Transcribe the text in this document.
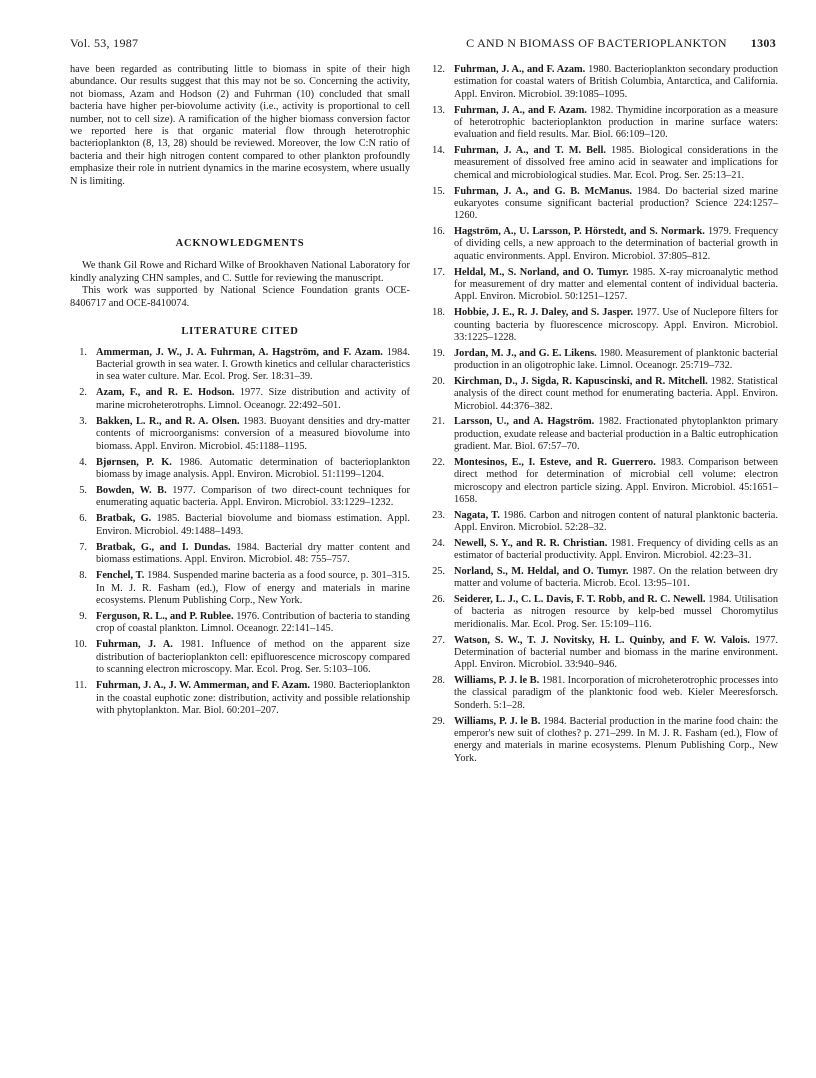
Vol. 53, 1987	C AND N BIOMASS OF BACTERIOPLANKTON 1303

have been regarded as contributing little to biomass in spite of their high abundance. Our results suggest that this may not be so. Concerning the activity, not biomass, Azam and Hodson (2) and Fuhrman (10) concluded that small bacteria have higher per-biovolume activity (i.e., activity is proportional to cell number, not to cell size). A ramification of the higher biomass conversion factor we reported here is that organic material flow through heterotrophic bacterioplankton (8, 13, 28) should be reviewed. Moreover, the low C:N ratio of bacteria and their high nitrogen content compared to other plankton profoundly emphasize their role in nutrient dynamics in the marine ecosystem, where usually N is limiting.

ACKNOWLEDGMENTS

We thank Gil Rowe and Richard Wilke of Brookhaven National Laboratory for kindly analyzing CHN samples, and C. Suttle for reviewing the manuscript.

This work was supported by National Science Foundation grants OCE-8406717 and OCE-8410074.

LITERATURE CITED
1. Ammerman, J. W., J. A. Fuhrman, A. Hagström, and F. Azam. 1984. Bacterial growth in sea water. I. Growth kinetics and cellular characteristics in sea water culture. Mar. Ecol. Prog. Ser. 18:31–39.
2. Azam, F., and R. E. Hodson. 1977. Size distribution and activity of marine microheterotrophs. Limnol. Oceanogr. 22:492–501.
3. Bakken, L. R., and R. A. Olsen. 1983. Buoyant densities and dry-matter contents of microorganisms: conversion of a measured biovolume into biomass. Appl. Environ. Microbiol. 45:1188–1195.
4. Bjørnsen, P. K. 1986. Automatic determination of bacterioplankton biomass by image analysis. Appl. Environ. Microbiol. 51:1199–1204.
5. Bowden, W. B. 1977. Comparison of two direct-count techniques for enumerating aquatic bacteria. Appl. Environ. Microbiol. 33:1229–1232.
6. Bratbak, G. 1985. Bacterial biovolume and biomass estimation. Appl. Environ. Microbiol. 49:1488–1493.
7. Bratbak, G., and I. Dundas. 1984. Bacterial dry matter content and biomass estimations. Appl. Environ. Microbiol. 48: 755–757.
8. Fenchel, T. 1984. Suspended marine bacteria as a food source, p. 301–315. In M. J. R. Fasham (ed.), Flow of energy and materials in marine ecosystems. Plenum Publishing Corp., New York.
9. Ferguson, R. L., and P. Rublee. 1976. Contribution of bacteria to standing crop of coastal plankton. Limnol. Oceanogr. 22:141–145.
10. Fuhrman, J. A. 1981. Influence of method on the apparent size distribution of bacterioplankton cell: epifluorescence microscopy compared to scanning electron microscopy. Mar. Ecol. Prog. Ser. 5:103–106.
11. Fuhrman, J. A., J. W. Ammerman, and F. Azam. 1980. Bacterioplankton in the coastal euphotic zone: distribution, activity and possible relationship with phytoplankton. Mar. Biol. 60:201–207.
12. Fuhrman, J. A., and F. Azam. 1980. Bacterioplankton secondary production estimation for coastal waters of British Columbia, Antarctica, and California. Appl. Environ. Microbiol. 39:1085–1095.
13. Fuhrman, J. A., and F. Azam. 1982. Thymidine incorporation as a measure of heterotrophic bacterioplankton production in marine surface waters: evaluation and field results. Mar. Biol. 66:109–120.
14. Fuhrman, J. A., and T. M. Bell. 1985. Biological considerations in the measurement of dissolved free amino acid in seawater and implications for chemical and microbiological studies. Mar. Ecol. Prog. Ser. 25:13–21.
15. Fuhrman, J. A., and G. B. McManus. 1984. Do bacterial sized marine eukaryotes consume significant bacterial production? Science 224:1257–1260.
16. Hagström, A., U. Larsson, P. Hörstedt, and S. Normark. 1979. Frequency of dividing cells, a new approach to the determination of bacterial growth in aquatic environments. Appl. Environ. Microbiol. 37:805–812.
17. Heldal, M., S. Norland, and O. Tumyr. 1985. X-ray microanalytic method for measurement of dry matter and elemental content of individual bacteria. Appl. Environ. Microbiol. 50:1251–1257.
18. Hobbie, J. E., R. J. Daley, and S. Jasper. 1977. Use of Nuclepore filters for counting bacteria by fluorescence microscopy. Appl. Environ. Microbiol. 33:1225–1228.
19. Jordan, M. J., and G. E. Likens. 1980. Measurement of planktonic bacterial production in an oligotrophic lake. Limnol. Oceanogr. 25:719–732.
20. Kirchman, D., J. Sigda, R. Kapuscinski, and R. Mitchell. 1982. Statistical analysis of the direct count method for enumerating bacteria. Appl. Environ. Microbiol. 44:376–382.
21. Larsson, U., and A. Hagström. 1982. Fractionated phytoplankton primary production, exudate release and bacterial production in a Baltic eutrophication gradient. Mar. Biol. 67:57–70.
22. Montesinos, E., I. Esteve, and R. Guerrero. 1983. Comparison between direct method for determination of microbial cell volume: electron microscopy and electron particle sizing. Appl. Environ. Microbiol. 45:1651–1658.
23. Nagata, T. 1986. Carbon and nitrogen content of natural planktonic bacteria. Appl. Environ. Microbiol. 52:28–32.
24. Newell, S. Y., and R. R. Christian. 1981. Frequency of dividing cells as an estimator of bacterial productivity. Appl. Environ. Microbiol. 42:23–31.
25. Norland, S., M. Heldal, and O. Tumyr. 1987. On the relation between dry matter and volume of bacteria. Microb. Ecol. 13:95–101.
26. Seiderer, L. J., C. L. Davis, F. T. Robb, and R. C. Newell. 1984. Utilisation of bacteria as nitrogen resource by kelp-bed mussel Choromytilus meridionalis. Mar. Ecol. Prog. Ser. 15:109–116.
27. Watson, S. W., T. J. Novitsky, H. L. Quinby, and F. W. Valois. 1977. Determination of bacterial number and biomass in the marine environment. Appl. Environ. Microbiol. 33:940–946.
28. Williams, P. J. le B. 1981. Incorporation of microheterotrophic processes into the classical paradigm of the planktonic food web. Kieler Meeresforsch. Sonderh. 5:1–28.
29. Williams, P. J. le B. 1984. Bacterial production in the marine food chain: the emperor's new suit of clothes? p. 271–299. In M. J. R. Fasham (ed.), Flow of energy and materials in marine ecosystems. Plenum Publishing Corp., New York.
